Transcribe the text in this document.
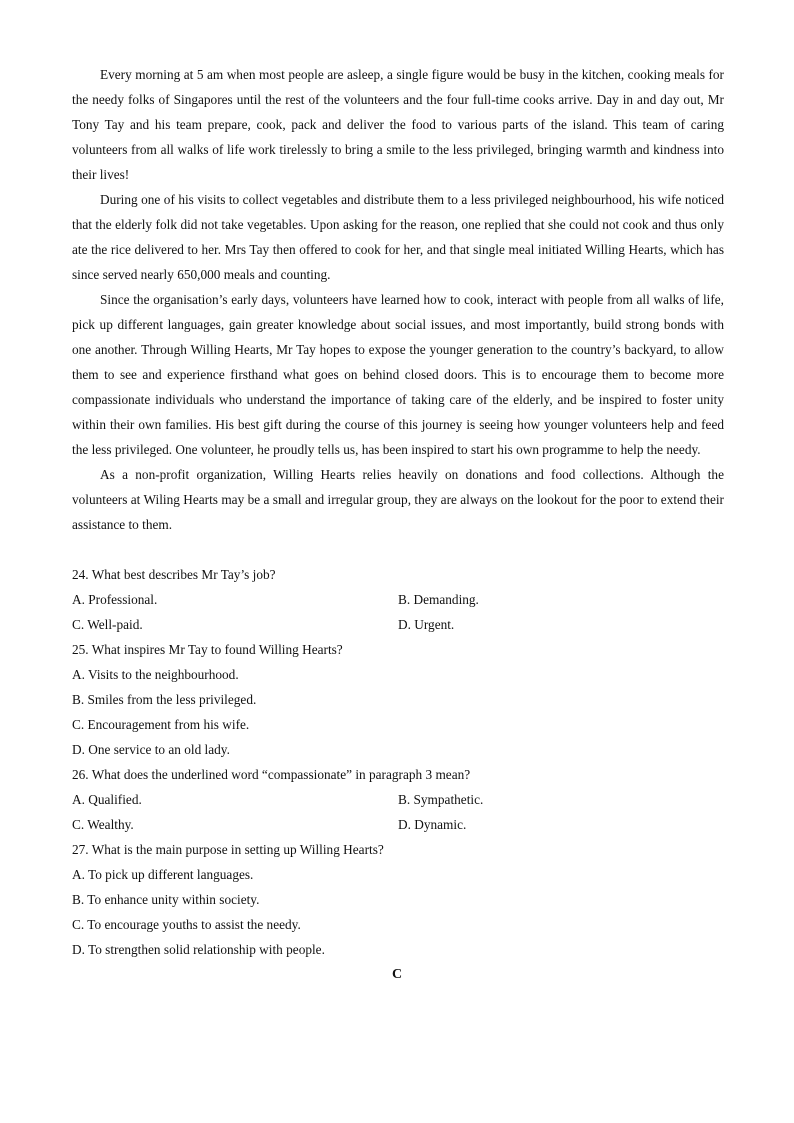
Every morning at 5 am when most people are asleep, a single figure would be busy in the kitchen, cooking meals for the needy folks of Singapores until the rest of the volunteers and the four full-time cooks arrive. Day in and day out, Mr Tony Tay and his team prepare, cook, pack and deliver the food to various parts of the island. This team of caring volunteers from all walks of life work tirelessly to bring a smile to the less privileged, bringing warmth and kindness into their lives!

During one of his visits to collect vegetables and distribute them to a less privileged neighbourhood, his wife noticed that the elderly folk did not take vegetables. Upon asking for the reason, one replied that she could not cook and thus only ate the rice delivered to her. Mrs Tay then offered to cook for her, and that single meal initiated Willing Hearts, which has since served nearly 650,000 meals and counting.

Since the organisation’s early days, volunteers have learned how to cook, interact with people from all walks of life, pick up different languages, gain greater knowledge about social issues, and most importantly, build strong bonds with one another. Through Willing Hearts, Mr Tay hopes to expose the younger generation to the country’s backyard, to allow them to see and experience firsthand what goes on behind closed doors. This is to encourage them to become more compassionate individuals who understand the importance of taking care of the elderly, and be inspired to foster unity within their own families. His best gift during the course of this journey is seeing how younger volunteers help and feed the less privileged. One volunteer, he proudly tells us, has been inspired to start his own programme to help the needy.

As a non-profit organization, Willing Hearts relies heavily on donations and food collections. Although the volunteers at Wiling Hearts may be a small and irregular group, they are always on the lookout for the poor to extend their assistance to them.

24. What best describes Mr Tay’s job?
A. Professional.	B. Demanding.
C. Well-paid.	D. Urgent.
25. What inspires Mr Tay to found Willing Hearts?
A. Visits to the neighbourhood.
B. Smiles from the less privileged.
C. Encouragement from his wife.
D. One service to an old lady.
26. What does the underlined word “compassionate” in paragraph 3 mean?
A. Qualified.	B. Sympathetic.
C. Wealthy.	D. Dynamic.
27. What is the main purpose in setting up Willing Hearts?
A. To pick up different languages.
B. To enhance unity within society.
C. To encourage youths to assist the needy.
D. To strengthen solid relationship with people.
C
